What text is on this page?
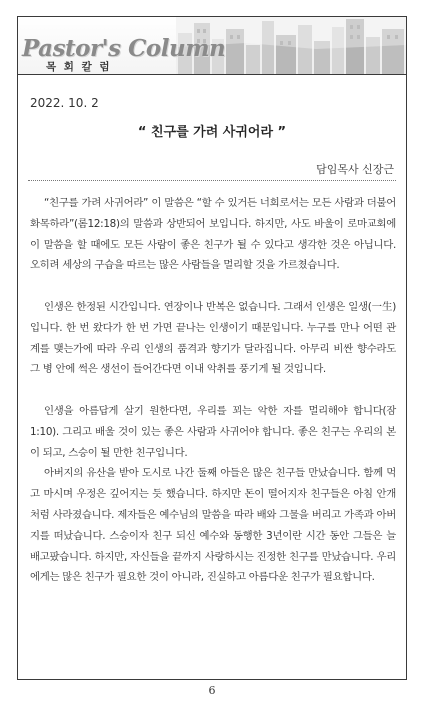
Pastor's Column
목 회 칼 럼
2022. 10. 2
“ 친구를 가려 사귀어라 ”
담임목사 신장근

“친구를 가려 사귀어라” 이 말씀은 “할 수 있거든 너희로서는 모든 사람과 더불어 화목하라”(롬12:18)의 말씀과 상반되어 보입니다. 하지만, 사도 바울이 로마교회에 이 말씀을 할 때에도 모든 사람이 좋은 친구가 될 수 있다고 생각한 것은 아닙니다. 오히려 세상의 구습을 따르는 많은 사람들을 멀리할 것을 가르쳤습니다.

인생은 한정된 시간입니다. 연장이나 반복은 없습니다. 그래서 인생은 일생(一生)입니다. 한 번 왔다가 한 번 가면 끝나는 인생이기 때문입니다. 누구를 만나 어떤 관계를 맺는가에 따라 우리 인생의 품격과 향기가 달라집니다. 아무리 비싼 향수라도 그 병 안에 썩은 생선이 들어간다면 이내 악취를 풍기게 될 것입니다.

인생을 아름답게 살기 원한다면, 우리를 꾀는 악한 자를 멀리해야 합니다(잠1:10). 그리고 배울 것이 있는 좋은 사람과 사귀어야 합니다. 좋은 친구는 우리의 본이 되고, 스승이 될 만한 친구입니다.

아버지의 유산을 받아 도시로 나간 둘째 아들은 많은 친구들 만났습니다. 함께 먹고 마시며 우정은 깊어지는 듯 했습니다. 하지만 돈이 떨어지자 친구들은 아침 안개처럼 사라졌습니다. 제자들은 예수님의 말씀을 따라 배와 그물을 버리고 가족과 아버지를 떠났습니다. 스승이자 친구 되신 예수와 동행한 3년이란 시간 동안 그들은 늘 배고팠습니다. 하지만, 자신들을 끝까지 사랑하시는 진정한 친구를 만났습니다. 우리에게는 많은 친구가 필요한 것이 아니라, 진실하고 아름다운 친구가 필요합니다.

6
